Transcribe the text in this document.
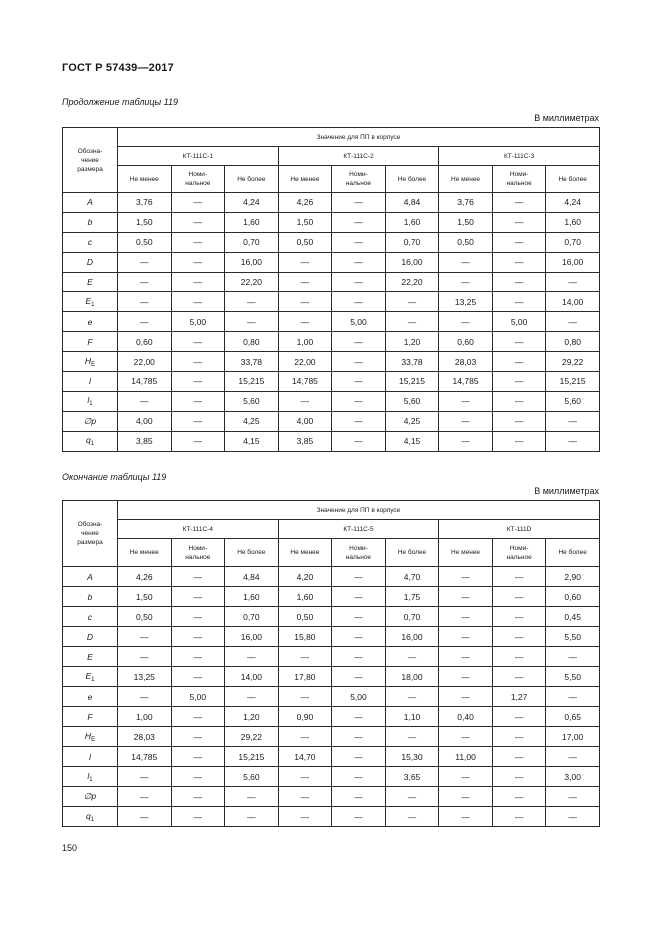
ГОСТ Р 57439—2017
Продолжение таблицы 119
В миллиметрах
Обозна-
чение
размера	Значение для ПП в корпусе								
	КТ-111С-1			КТ-111С-2			КТ-111С-3		
	Не менее	Номи-
нальное	Не более	Не менее	Номи-
нальное	Не более	Не менее	Номи-
нальное	Не более
A	3,76	—	4,24	4,26	—	4,84	3,76	—	4,24
b	1,50	—	1,60	1,50	—	1,60	1,50	—	1,60
c	0,50	—	0,70	0,50	—	0,70	0,50	—	0,70
D	—	—	16,00	—	—	16,00	—	—	16,00
E	—	—	22,20	—	—	22,20	—	—	—
$E_1$	—	—	—	—	—	—	13,25	—	14,00
e	—	5,00	—	—	5,00	—	—	5,00	—
F	0,60	—	0,80	1,00	—	1,20	0,60	—	0,80
$H_E$	22,00	—	33,78	22,00	—	33,78	28,03	—	29,22
l	14,785	—	15,215	14,785	—	15,215	14,785	—	15,215
$l_1$	—	—	5,60	—	—	5,60	—	—	5,60
∅p	4,00	—	4,25	4,00	—	4,25	—	—	—
$q_1$	3,85	—	4,15	3,85	—	4,15	—	—	—
Окончание таблицы 119
В миллиметрах
Обозна-
чение
размера	Значение для ПП в корпусе								
	КТ-111С-4			КТ-111С-5			КТ-111D		
	Не менее	Номи-
нальное	Не более	Не менее	Номи-
нальное	Не более	Не менее	Номи-
нальное	Не более
A	4,26	—	4,84	4,20	—	4,70	—	—	2,90
b	1,50	—	1,60	1,60	—	1,75	—	—	0,60
c	0,50	—	0,70	0,50	—	0,70	—	—	0,45
D	—	—	16,00	15,80	—	16,00	—	—	5,50
E	—	—	—	—	—	—	—	—	—
$E_1$	13,25	—	14,00	17,80	—	18,00	—	—	5,50
e	—	5,00	—	—	5,00	—	—	1,27	—
F	1,00	—	1,20	0,90	—	1,10	0,40	—	0,65
$H_E$	28,03	—	29,22	—	—	—	—	—	17,00
l	14,785	—	15,215	14,70	—	15,30	11,00	—	—
$l_1$	—	—	5,60	—	—	3,65	—	—	3,00
∅p	—	—	—	—	—	—	—	—	—
$q_1$	—	—	—	—	—	—	—	—	—
150
